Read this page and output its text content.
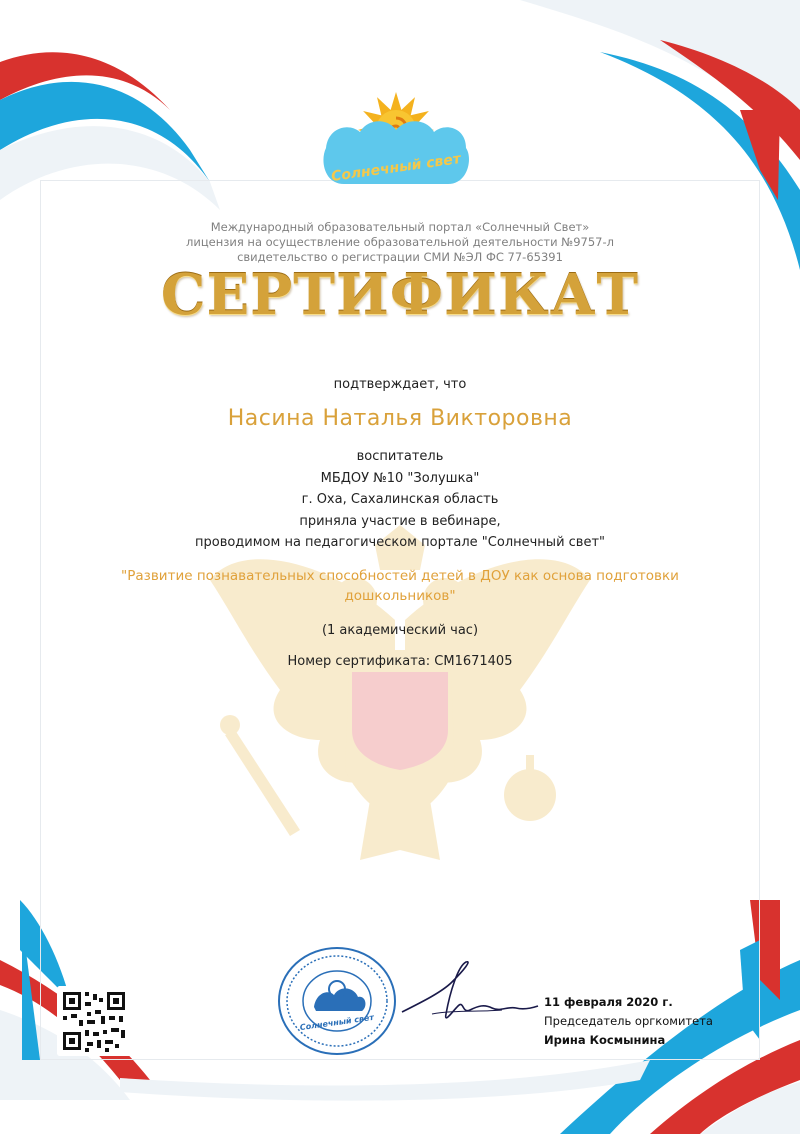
Солнечный свет
Международный образовательный портал «Солнечный Свет»
лицензия на осуществление образовательной деятельности №9757-л
свидетельство о регистрации СМИ №ЭЛ ФС 77-65391
СЕРТИФИКАТ
подтверждает, что
Насина Наталья Викторовна
воспитатель
МБДОУ №10 "Золушка"
г. Оха, Сахалинская область
приняла участие в вебинаре,
проводимом на педагогическом портале "Солнечный свет"
"Развитие познавательных способностей детей в ДОУ как основа подготовки дошкольников"
(1 академический час)
Номер сертификата: СМ1671405
Солнечный свет
11 февраля 2020 г.
Председатель оргкомитета
Ирина Космынина
